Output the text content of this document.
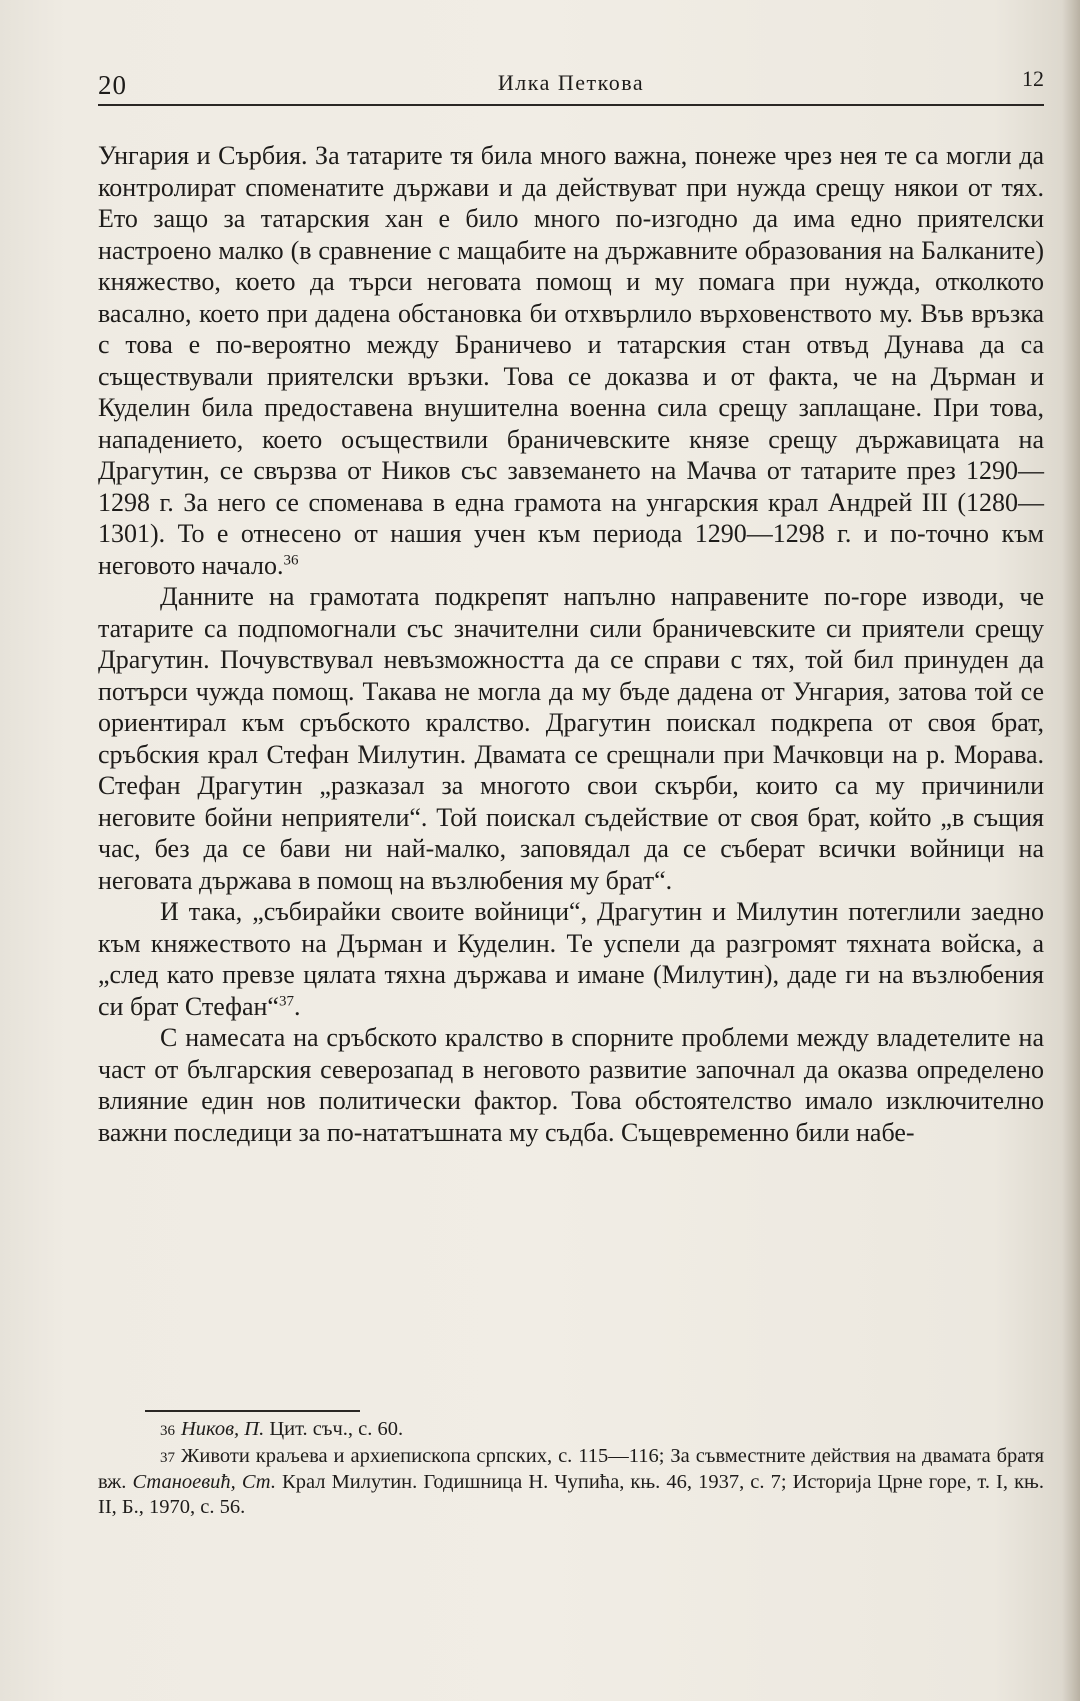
20	Илка Петкова	12

Унгария и Сърбия. За татарите тя била много важна, понеже чрез нея те са могли да контролират споменатите държави и да действуват при нужда срещу някои от тях. Ето защо за татарския хан е било много по-изгодно да има едно приятелски настроено малко (в сравнение с мащабите на държавните образования на Балканите) княжество, което да търси неговата помощ и му помага при нужда, отколкото васално, което при дадена обстановка би отхвърлило върховенството му. Във връзка с това е по-вероятно между Браничево и татарския стан отвъд Дунава да са съществували приятелски връзки. Това се доказва и от факта, че на Дърман и Куделин била предоставена внушителна военна сила срещу заплащане. При това, нападението, което осъществили браничевските князе срещу държавицата на Драгутин, се свързва от Ников със завземането на Мачва от татарите през 1290—1298 г. За него се споменава в една грамота на унгарския крал Андрей III (1280—1301). То е отнесено от нашия учен към периода 1290—1298 г. и по-точно към неговото начало.$^{36}$

Данните на грамотата подкрепят напълно направените по-горе изводи, че татарите са подпомогнали със значителни сили браничевските си приятели срещу Драгутин. Почувствувал невъзможността да се справи с тях, той бил принуден да потърси чужда помощ. Такава не могла да му бъде дадена от Унгария, затова той се ориентирал към сръбското кралство. Драгутин поискал подкрепа от своя брат, сръбския крал Стефан Милутин. Двамата се срещнали при Мачковци на р. Морава. Стефан Драгутин „разказал за многото свои скърби, които са му причинили неговите бойни неприятели“. Той поискал съдействие от своя брат, който „в същия час, без да се бави ни най-малко, заповядал да се съберат всички войници на неговата държава в помощ на възлюбения му брат“.

И така, „събирайки своите войници“, Драгутин и Милутин потеглили заедно към княжеството на Дърман и Куделин. Те успели да разгромят тяхната войска, а „след като превзе цялата тяхна държава и имане (Милутин), даде ги на възлюбения си брат Стефан“$^{37}$.

С намесата на сръбското кралство в спорните проблеми между владетелите на част от българския северозапад в неговото развитие започнал да оказва определено влияние един нов политически фактор. Това обстоятелство имало изключително важни последици за по-нататъшната му съдба. Същевременно били набе-

36 Ников, П. Цит. съч., с. 60.

37 Животи краљева и архиепископа српских, с. 115—116; За съвместните действия на двамата братя вж. Станоевић, Ст. Крал Милутин. Годишница Н. Чупића, књ. 46, 1937, с. 7; Историја Црне горе, т. I, књ. II, Б., 1970, с. 56.
